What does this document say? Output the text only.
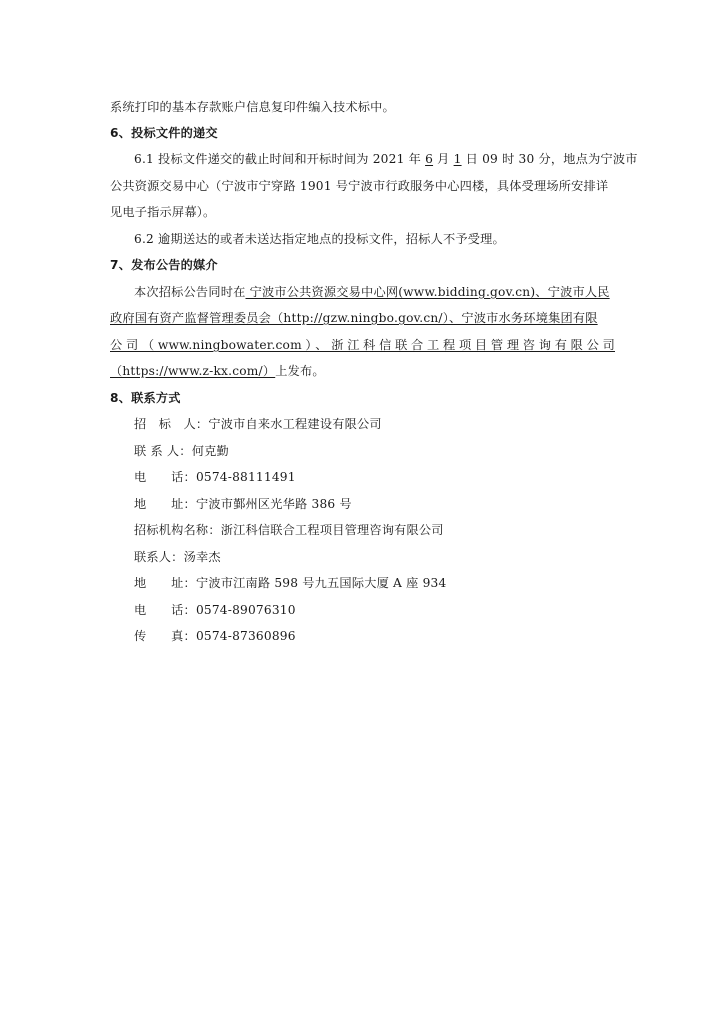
系统打印的基本存款账户信息复印件编入技术标中。
6、投标文件的递交
6.1 投标文件递交的截止时间和开标时间为 2021 年 6 月 1 日 09 时 30 分，地点为宁波市
公共资源交易中心（宁波市宁穿路 1901 号宁波市行政服务中心四楼，具体受理场所安排详
见电子指示屏幕）。
6.2 逾期送达的或者未送达指定地点的投标文件，招标人不予受理。
7、发布公告的媒介
本次招标公告同时在 宁波市公共资源交易中心网(www.bidding.gov.cn)、宁波市人民
政府国有资产监督管理委员会（http://gzw.ningbo.gov.cn/）、宁波市水务环境集团有限
公司（www.ningbowater.com）、浙江科信联合工程项目管理咨询有限公司
（https://www.z-kx.com/）上发布。
8、联系方式
招　标　人：宁波市自来水工程建设有限公司
联 系 人：何克勤
电　　话：0574-88111491
地　　址：宁波市鄞州区光华路 386 号
招标机构名称：浙江科信联合工程项目管理咨询有限公司
联系人：汤幸杰
地　　址：宁波市江南路 598 号九五国际大厦 A 座 934
电　　话：0574-89076310
传　　真：0574-87360896
